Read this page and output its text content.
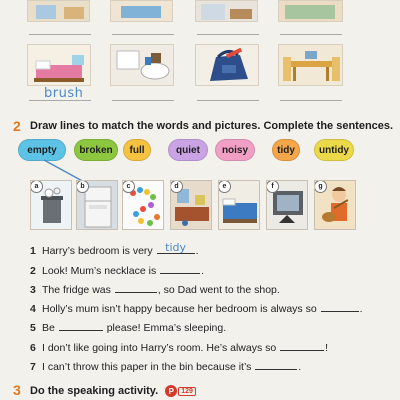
brush
2 Draw lines to match the words and pictures. Complete the sentences.
empty broken full	quiet noisy	tidy untidy
a	b	c	d	e	f	g
1 Harry’s bedroom is very
	tidy .
2 Look! Mum’s necklace is
	.
3 The fridge was
	, so Dad went to the shop.
4 Holly’s mum isn’t happy because her bedroom is always so
	.
5 Be

	please! Emma’s sleeping.
6 I don’t like going into Harry’s room. He’s always so
	!
7 I can’t throw this paper in the bin because it’s
	.
3 Do the speaking activity. P 129
